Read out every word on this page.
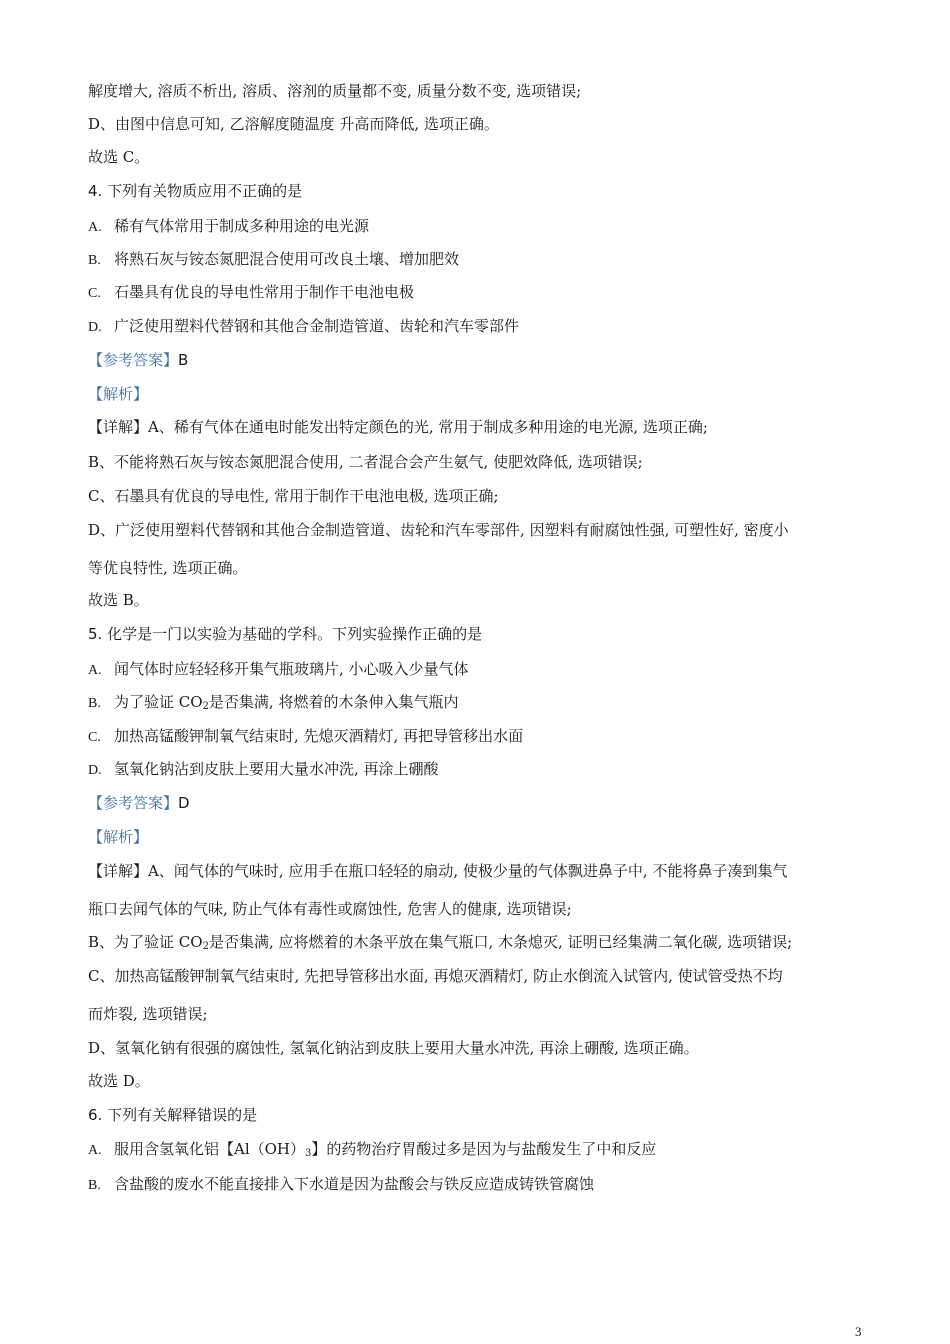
解度增大, 溶质不析出, 溶质、溶剂的质量都不变, 质量分数不变, 选项错误;
D、由图中信息可知, 乙溶解度随温度 升高而降低, 选项正确。
故选 C。
4. 下列有关物质应用不正确的是
A. 稀有气体常用于制成多种用途的电光源
B. 将熟石灰与铵态氮肥混合使用可改良土壤、增加肥效
C. 石墨具有优良的导电性常用于制作干电池电极
D. 广泛使用塑料代替钢和其他合金制造管道、齿轮和汽车零部件
【参考答案】B
【解析】
【详解】A、稀有气体在通电时能发出特定颜色的光, 常用于制成多种用途的电光源, 选项正确;
B、不能将熟石灰与铵态氮肥混合使用, 二者混合会产生氨气, 使肥效降低, 选项错误;
C、石墨具有优良的导电性, 常用于制作干电池电极, 选项正确;
D、广泛使用塑料代替钢和其他合金制造管道、齿轮和汽车零部件, 因塑料有耐腐蚀性强, 可塑性好, 密度小
等优良特性, 选项正确。
故选 B。
5. 化学是一门以实验为基础的学科。下列实验操作正确的是
A. 闻气体时应轻轻移开集气瓶玻璃片, 小心吸入少量气体
B. 为了验证 $CO_2$是否集满, 将燃着的木条伸入集气瓶内
C. 加热高锰酸钾制氧气结束时, 先熄灭酒精灯, 再把导管移出水面
D. 氢氧化钠沾到皮肤上要用大量水冲洗, 再涂上硼酸
【参考答案】D
【解析】
【详解】A、闻气体的气味时, 应用手在瓶口轻轻的扇动, 使极少量的气体飘进鼻子中, 不能将鼻子凑到集气
瓶口去闻气体的气味, 防止气体有毒性或腐蚀性, 危害人的健康, 选项错误;
B、为了验证 $CO_2$是否集满, 应将燃着的木条平放在集气瓶口, 木条熄灭, 证明已经集满二氧化碳, 选项错误;
C、加热高锰酸钾制氧气结束时, 先把导管移出水面, 再熄灭酒精灯, 防止水倒流入试管内, 使试管受热不均
而炸裂, 选项错误;
D、氢氧化钠有很强的腐蚀性, 氢氧化钠沾到皮肤上要用大量水冲洗, 再涂上硼酸, 选项正确。
故选 D。
6. 下列有关解释错误的是
A. 服用含氢氧化铝【$Al(OH)_3$】的药物治疗胃酸过多是因为与盐酸发生了中和反应
B. 含盐酸的废水不能直接排入下水道是因为盐酸会与铁反应造成铸铁管腐蚀
3
